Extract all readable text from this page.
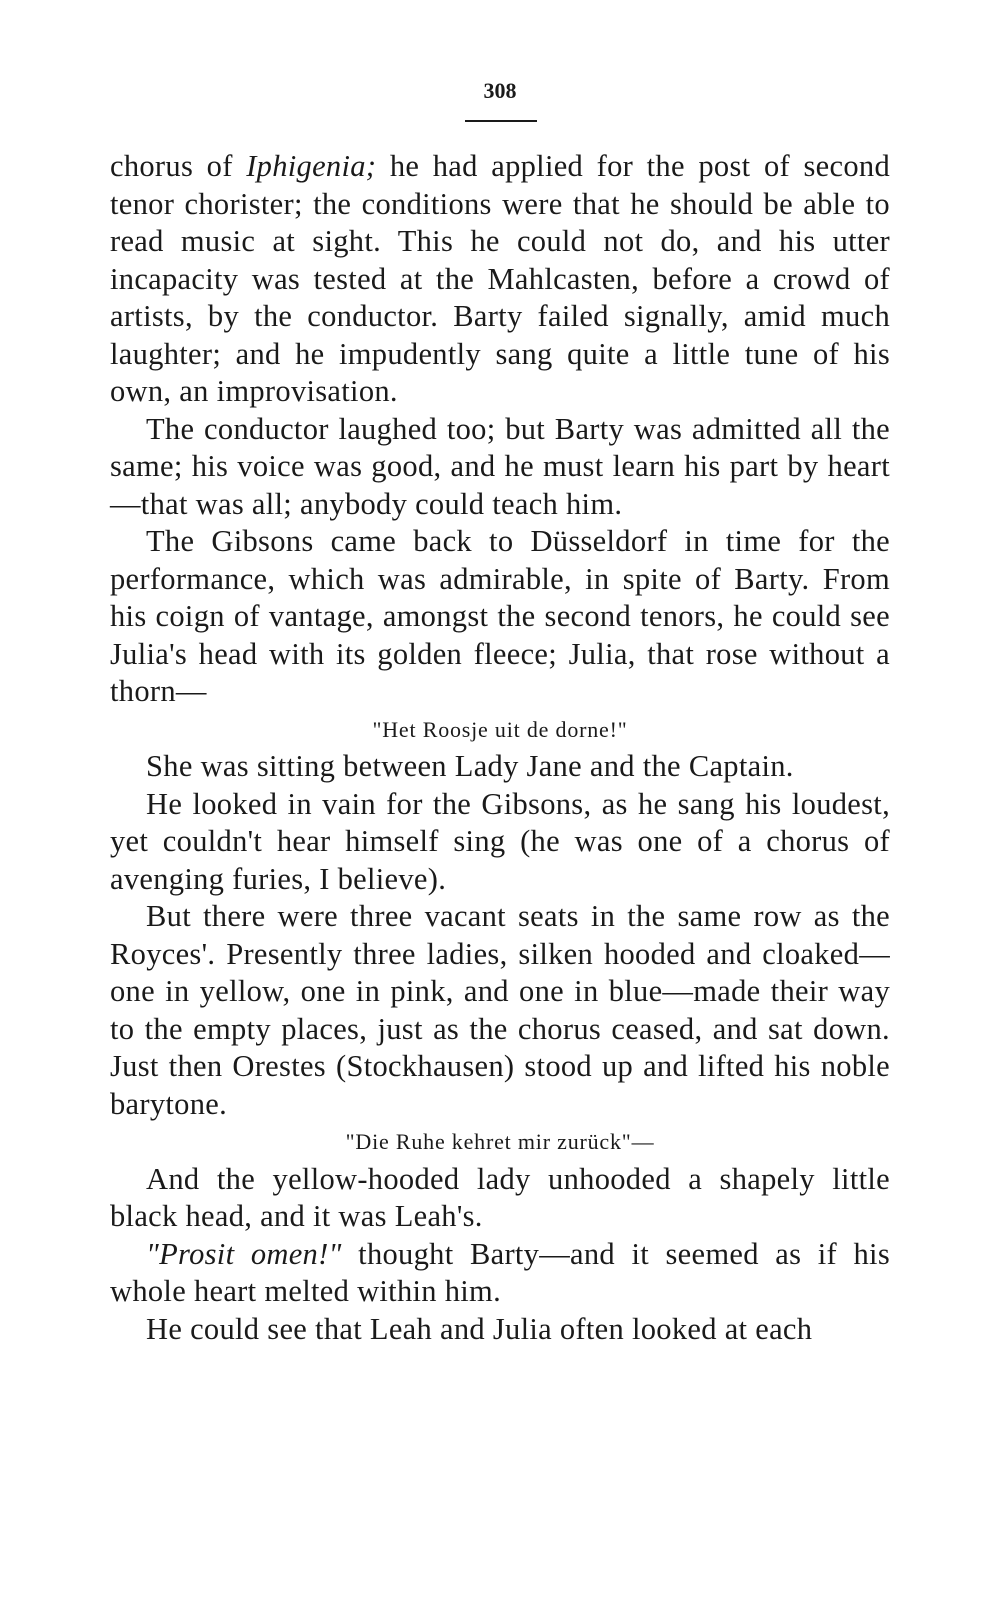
308

chorus of Iphigenia; he had applied for the post of second tenor chorister; the conditions were that he should be able to read music at sight. This he could not do, and his utter incapacity was tested at the Mahlcasten, before a crowd of artists, by the conductor. Barty failed signally, amid much laughter; and he impudently sang quite a little tune of his own, an improvisation.

The conductor laughed too; but Barty was admitted all the same; his voice was good, and he must learn his part by heart—that was all; anybody could teach him.

The Gibsons came back to Düsseldorf in time for the performance, which was admirable, in spite of Barty. From his coign of vantage, amongst the second tenors, he could see Julia's head with its golden fleece; Julia, that rose without a thorn—

"Het Roosje uit de dorne!"

She was sitting between Lady Jane and the Captain.

He looked in vain for the Gibsons, as he sang his loudest, yet couldn't hear himself sing (he was one of a chorus of avenging furies, I believe).

But there were three vacant seats in the same row as the Royces'. Presently three ladies, silken hooded and cloaked—one in yellow, one in pink, and one in blue—made their way to the empty places, just as the chorus ceased, and sat down. Just then Orestes (Stockhausen) stood up and lifted his noble barytone.

"Die Ruhe kehret mir zurück"—

And the yellow-hooded lady unhooded a shapely little black head, and it was Leah's.

"Prosit omen!" thought Barty—and it seemed as if his whole heart melted within him.

He could see that Leah and Julia often looked at each
